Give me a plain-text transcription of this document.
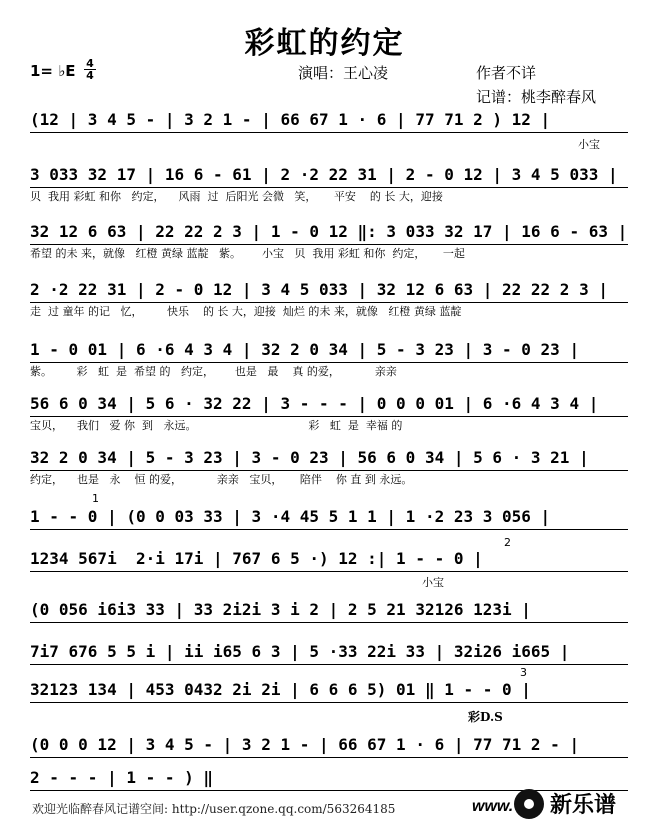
彩虹的约定
1= ♭E 4
4	演唱：王心凌	作者不详
记谱：桃李醉春风
(12 | 3 4 5 - | 3 2 1 - | 66 67 1 · 6 | 77 71 2 ) 12 |
3 033 32 17 | 16 6 - 61 | 2 ·2 22 31 | 2 - 0 12 | 3 4 5 033 |
贝  我用 彩虹 和你   约定，    风雨  过  后阳光 会微   笑，     平安    的 长 大，迎接
32 12 6 63 | 22 22 2 3 | 1 - 0 12 ‖: 3 033 32 17 | 16 6 - 63 |
希望 的未 来，就像   红橙 黄绿 蓝靛   紫。      小宝   贝  我用 彩虹 和你  约定，     一起
2 ·2 22 31 | 2 - 0 12 | 3 4 5 033 | 32 12 6 63 | 22 22 2 3 |
走  过 童年 的记   忆，       快乐    的 长 大，迎接  灿烂 的未 来，就像   红橙 黄绿 蓝靛
1 - 0 01 | 6 ·6 4 3 4 | 32 2 0 34 | 5 - 3 23 | 3 - 0 23 |
紫。       彩   虹  是  希望 的   约定，      也是   最    真 的爱，          亲亲
56 6 0 34 | 5 6 · 32 22 | 3 - - - | 0 0 0 01 | 6 ·6 4 3 4 |
宝贝，    我们   爱 你  到   永远。                                彩   虹  是  幸福 的
32 2 0 34 | 5 - 3 23 | 3 - 0 23 | 56 6 0 34 | 5 6 · 3 21 |
约定，    也是   永    恒 的爱，          亲亲   宝贝，     陪伴    你 直 到 永远。
1 - - 0 | (0 0 03 33 | 3 ·4 45 5 1 1 | 1 ·2 23 3 056 |
1234 567i  2·i 17i | 767 6 5 ·) 12 :| 1 - - 0 |
(0 056 i6i3 33 | 33 2i2i 3 i 2 | 2 5 21 32126 123i |
7i7 676 5 5 i | ii i65 6 3 | 5 ·33 22i 33 | 32i26 i665 |
32123 134 | 453 0432 2i 2i | 6 6 6 5) 01 ‖ 1 - - 0 |
(0 0 0 12 | 3 4 5 - | 3 2 1 - | 66 67 1 · 6 | 77 71 2 - |
2 - - - | 1 - - ) ‖
小宝
小宝
彩D.S
1
2
3
欢迎光临醉春风记谱空间: http://user.qzone.qq.com/563264185	www. 新乐谱
